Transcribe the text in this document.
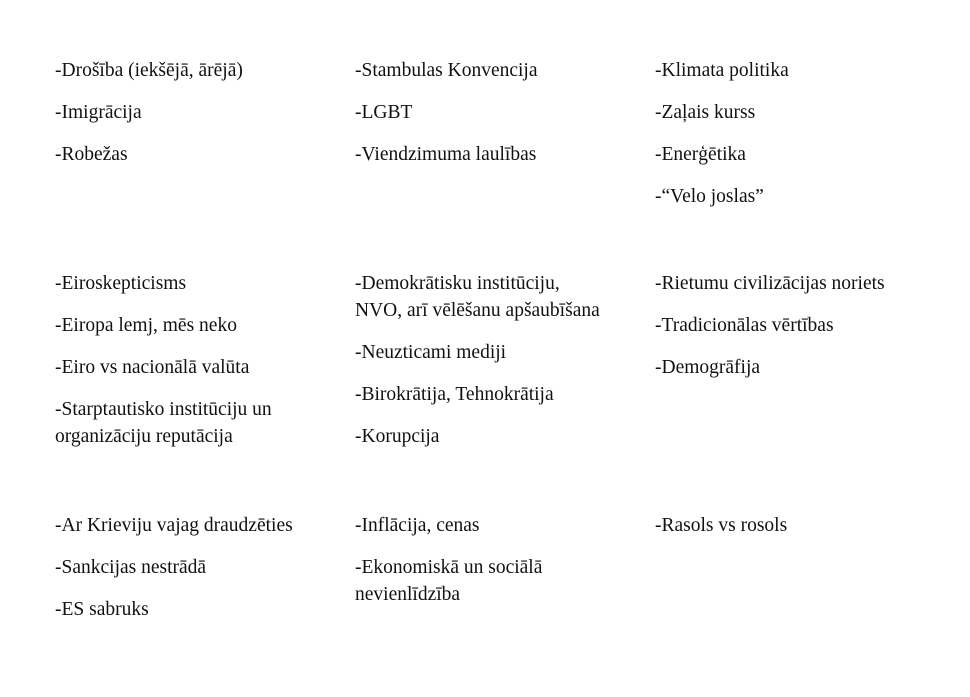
-Drošība (iekšējā, ārējā)

-Imigrācija

-Robežas

-Stambulas Konvencija

-LGBT

-Viendzimuma laulības

-Klimata politika

-Zaļais kurss

-Enerģētika

-“Velo joslas”

-Eiroskepticisms

-Eiropa lemj, mēs neko

-Eiro vs nacionālā valūta

-Starptautisko institūciju un

organizāciju reputācija

-Demokrātisku institūciju,

NVO, arī vēlēšanu apšaubīšana

-Neuzticami mediji

-Birokrātija, Tehnokrātija

-Korupcija

-Rietumu civilizācijas noriets

-Tradicionālas vērtības

-Demogrāfija

-Ar Krieviju vajag draudzēties

-Sankcijas nestrādā

-ES sabruks

-Inflācija, cenas

-Ekonomiskā un sociālā

nevienlīdzība

-Rasols vs rosols
